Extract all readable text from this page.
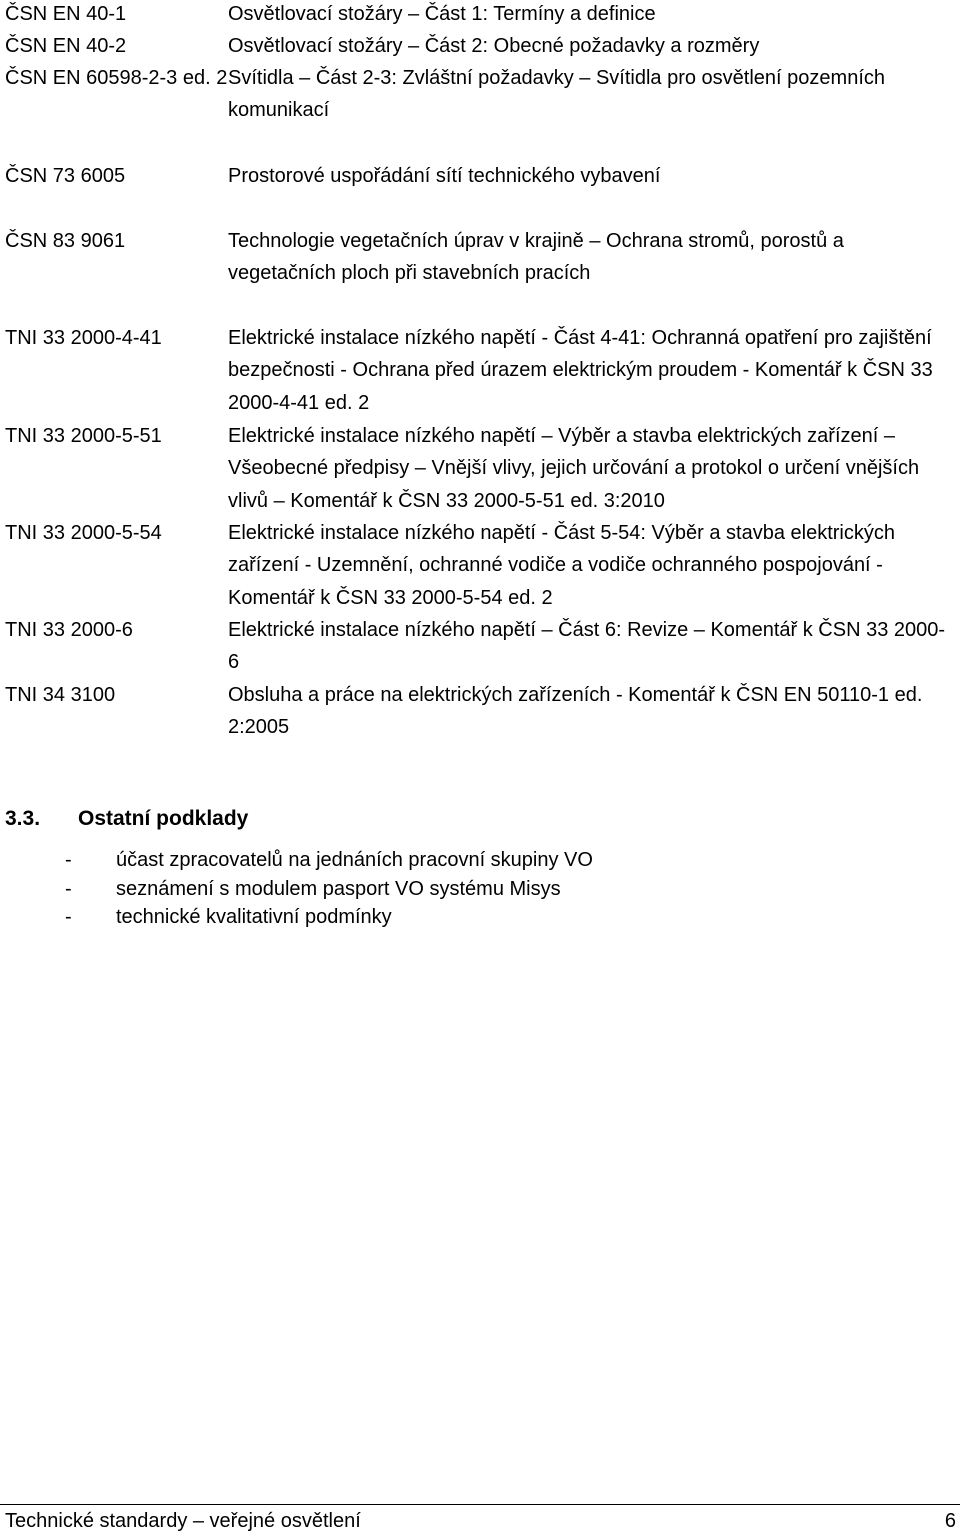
ČSN EN 40-1	Osvětlovací stožáry – Část 1: Termíny a definice
ČSN EN 40-2	Osvětlovací stožáry – Část 2: Obecné požadavky a rozměry
ČSN EN 60598-2-3 ed. 2 Svítidla – Část 2-3: Zvláštní požadavky – Svítidla pro osvětlení pozemních komunikací
ČSN 73 6005	Prostorové uspořádání sítí technického vybavení
ČSN 83 9061	Technologie vegetačních úprav v krajině – Ochrana stromů, porostů a vegetačních ploch při stavebních pracích
TNI 33 2000-4-41	Elektrické instalace nízkého napětí - Část 4-41: Ochranná opatření pro zajištění bezpečnosti - Ochrana před úrazem elektrickým proudem - Komentář k ČSN 33 2000-4-41 ed. 2
TNI 33 2000-5-51	Elektrické instalace nízkého napětí – Výběr a stavba elektrických zařízení – Všeobecné předpisy – Vnější vlivy, jejich určování a protokol o určení vnějších vlivů – Komentář k ČSN 33 2000-5-51 ed. 3:2010
TNI 33 2000-5-54	Elektrické instalace nízkého napětí - Část 5-54: Výběr a stavba elektrických zařízení - Uzemnění, ochranné vodiče a vodiče ochranného pospojování - Komentář k ČSN 33 2000-5-54 ed. 2
TNI 33 2000-6	Elektrické instalace nízkého napětí – Část 6: Revize – Komentář k ČSN 33 2000-6
TNI 34 3100	Obsluha a práce na elektrických zařízeních - Komentář k ČSN EN 50110-1 ed. 2:2005
3.3. Ostatní podklady
- účast zpracovatelů na jednáních pracovní skupiny VO
- seznámení s modulem pasport VO systému Misys
- technické kvalitativní podmínky
Technické standardy – veřejné osvětlení	6
